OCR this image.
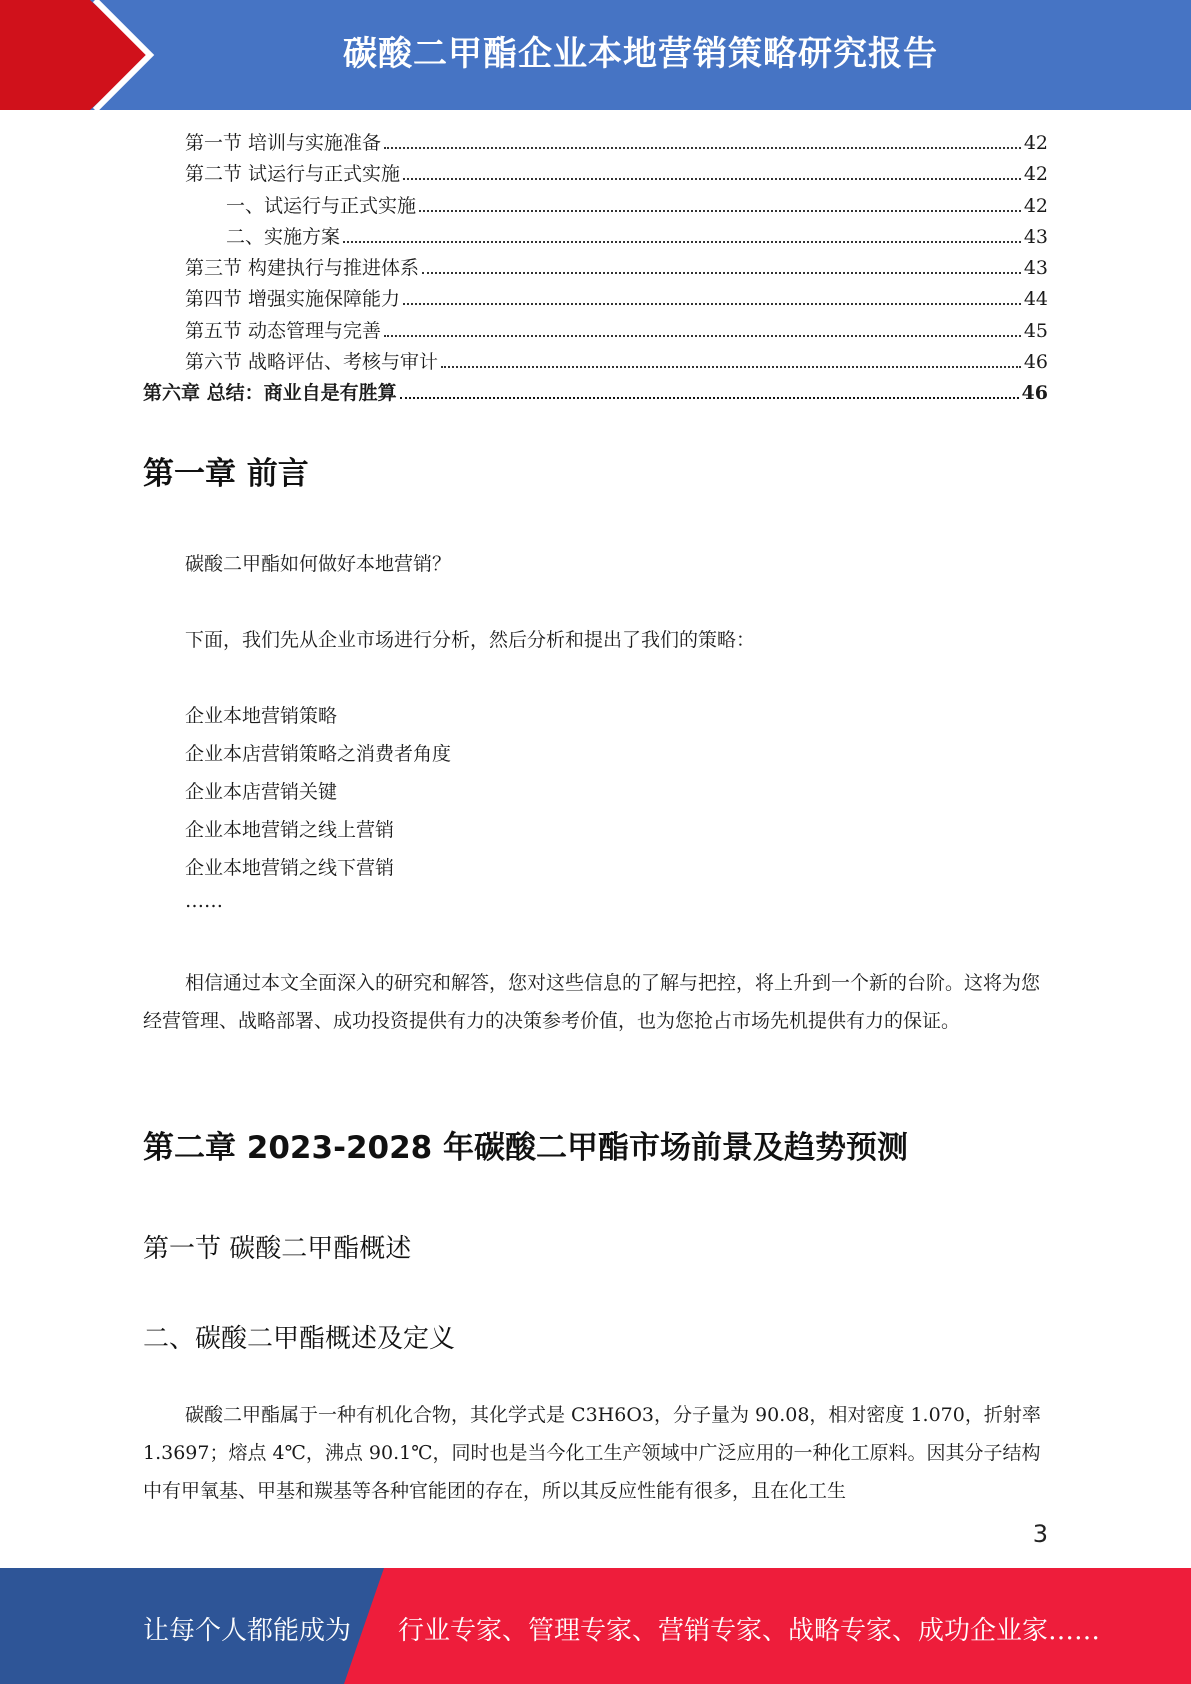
碳酸二甲酯企业本地营销策略研究报告
第一节 培训与实施准备	42
第二节 试运行与正式实施	42
一、试运行与正式实施	42
二、实施方案	43
第三节 构建执行与推进体系	43
第四节 增强实施保障能力	44
第五节 动态管理与完善	45
第六节 战略评估、考核与审计	46
第六章 总结：商业自是有胜算	46
第一章 前言
碳酸二甲酯如何做好本地营销？
下面，我们先从企业市场进行分析，然后分析和提出了我们的策略：
企业本地营销策略
企业本店营销策略之消费者角度
企业本店营销关键
企业本地营销之线上营销
企业本地营销之线下营销
……
相信通过本文全面深入的研究和解答，您对这些信息的了解与把控，将上升到一个新的台阶。这将为您经营管理、战略部署、成功投资提供有力的决策参考价值，也为您抢占市场先机提供有力的保证。
第二章 2023-2028 年碳酸二甲酯市场前景及趋势预测
第一节 碳酸二甲酯概述
二、碳酸二甲酯概述及定义
碳酸二甲酯属于一种有机化合物，其化学式是 C3H6O3，分子量为 90.08，相对密度 1.070，折射率 1.3697；熔点 4℃，沸点 90.1℃，同时也是当今化工生产领域中广泛应用的一种化工原料。因其分子结构中有甲氧基、甲基和羰基等各种官能团的存在，所以其反应性能有很多，且在化工生
3
让每个人都能成为 行业专家、管理专家、营销专家、战略专家、成功企业家……
